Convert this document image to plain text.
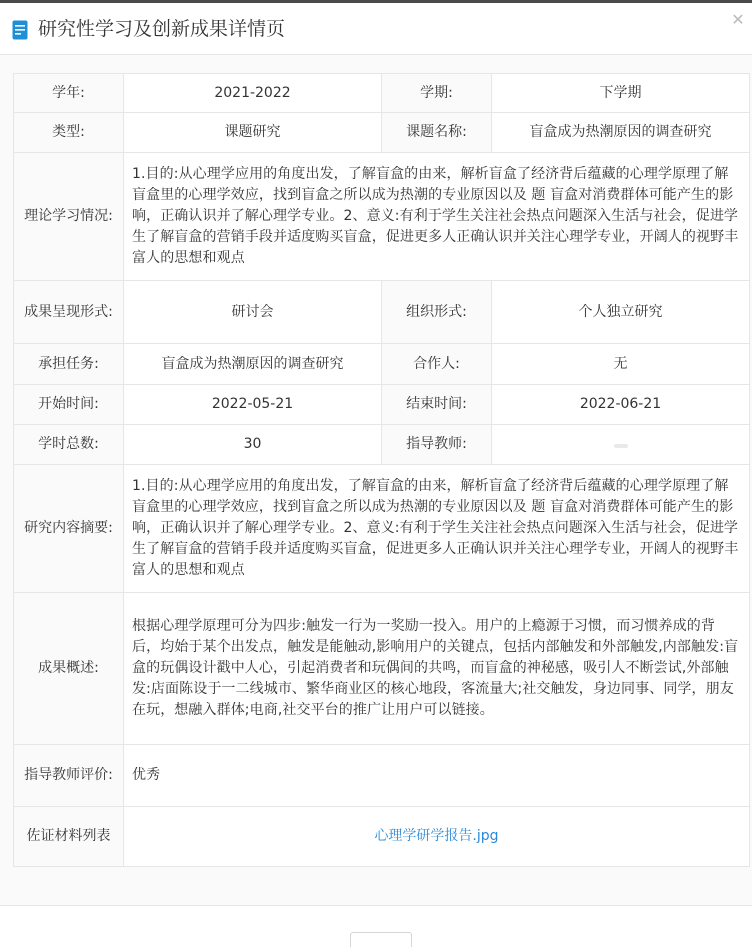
研究性学习及创新成果详情页	✕
学年:	2021-2022	学期:	下学期
类型:	课题研究	课题名称:	盲盒成为热潮原因的调查研究
理论学习情况:	1.目的:从心理学应用的角度出发，了解盲盒的由来，解析盲盒了经济背后蕴藏的心理学原理了解盲盒里的心理学效应，找到盲盒之所以成为热潮的专业原因以及 题 盲盒对消费群体可能产生的影响，正确认识并了解心理学专业。2、意义:有利于学生关注社会热点问题深入生活与社会，促进学生了解盲盒的营销手段并适度购买盲盒，促进更多人正确认识并关注心理学专业，开阔人的视野丰富人的思想和观点		
成果呈现形式:	研讨会	组织形式:	个人独立研究
承担任务:	盲盒成为热潮原因的调查研究	合作人:	无
开始时间:	2022-05-21	结束时间:	2022-06-21
学时总数:	30	指导教师:	
研究内容摘要:	1.目的:从心理学应用的角度出发，了解盲盒的由来，解析盲盒了经济背后蕴藏的心理学原理了解盲盒里的心理学效应，找到盲盒之所以成为热潮的专业原因以及 题 盲盒对消费群体可能产生的影响，正确认识并了解心理学专业。2、意义:有利于学生关注社会热点问题深入生活与社会，促进学生了解盲盒的营销手段并适度购买盲盒，促进更多人正确认识并关注心理学专业，开阔人的视野丰富人的思想和观点		
成果概述:	根据心理学原理可分为四步:触发一行为一奖励一投入。用户的上瘾源于习惯，而习惯养成的背后，均始于某个出发点，触发是能触动,影响用户的关键点，包括内部触发和外部触发,内部触发:盲盒的玩偶设计戳中人心，引起消费者和玩偶间的共鸣，而盲盒的神秘感，吸引人不断尝试,外部触发:店面陈设于一二线城市、繁华商业区的核心地段，客流量大;社交触发，身边同事、同学，朋友在玩，想融入群体;电商,社交平台的推广让用户可以链接。		
指导教师评价:	优秀		
佐证材料列表	心理学研学报告.jpg		
